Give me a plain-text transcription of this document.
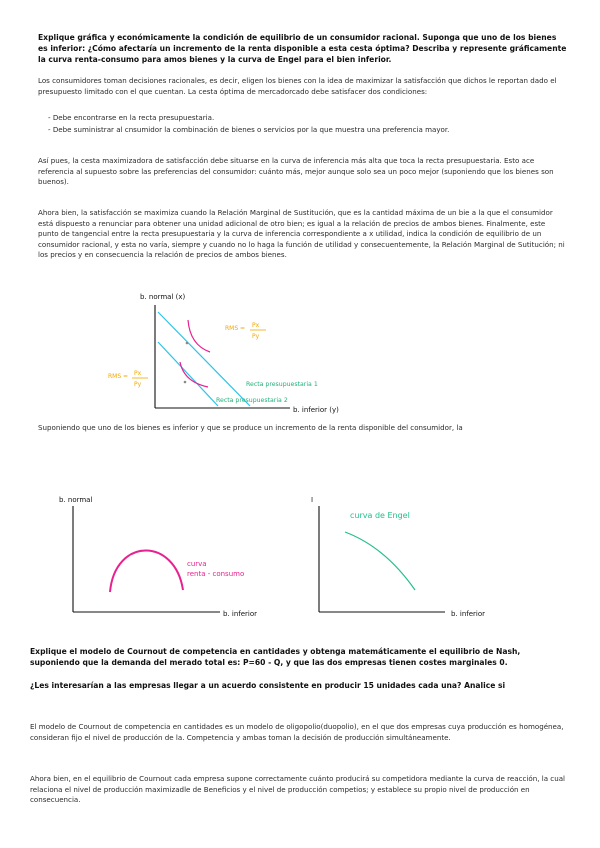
Explique gráfica y económicamente la condición de equilibrio de un consumidor racional. Suponga que uno de los bienes es inferior: ¿Cómo afectaría un incremento de la renta disponible a esta cesta óptima? Describa y represente gráficamente la curva renta-consumo para amos bienes y la curva de Engel para el bien inferior.
Los consumidores toman decisiones racionales, es decir, eligen los bienes con la idea de maximizar la satisfacción que dichos le reportan dado el presupuesto limitado con el que cuentan. La cesta óptima de mercadorcado debe satisfacer dos condiciones:
- Debe encontrarse en la recta presupuestaria.
- Debe suministrar al cnsumidor la combinación de bienes o servicios por la que muestra una preferencia mayor.
Así pues, la cesta maximizadora de satisfacción debe situarse en la curva de inferencia más alta que toca la recta presupuestaria. Esto ace referencia al supuesto sobre las preferencias del consumidor: cuánto más, mejor aunque solo sea un poco mejor (suponiendo que los bienes son buenos).
Ahora bien, la satisfacción se maximiza cuando la Relación Marginal de Sustitución, que es la cantidad máxima de un bie a la que el consumidor está dispuesto a renunciar para obtener una unidad adicional de otro bien; es igual a la relación de precios de ambos bienes. Finalmente, este punto de tangencial entre la recta presupuestaria y la curva de inferencia correspondiente a x utilidad, indica la condición de equilibrio de un consumidor racional, y esta no varía, siempre y cuando no lo haga la función de utilidad y consecuentemente, la Relación Marginal de Sutitución; ni los precios y en consecuencia la relación de precios de ambos bienes.
b. normal (x)
b. inferior (y)
RMS = Px
Py
RMS = Px
Py	Recta presupuestaria 1
Recta presupuestaria 2
Suponiendo que uno de los bienes es inferior y que se produce un incremento de la renta disponible del consumidor, la
b. normal
b. inferior
curva
renta - consumo
I
b. inferior
curva de Engel
Explique el modelo de Cournout de competencia en cantidades y obtenga matemáticamente el equilibrio de Nash, suponiendo que la demanda del merado total es: P=60 - Q, y que las dos empresas tienen costes marginales 0.
¿Les interesarían a las empresas llegar a un acuerdo consistente en producir 15 unidades cada una? Analice si
El modelo de Cournout de competencia en cantidades es un modelo de oligopolio(duopolio), en el que dos empresas cuya producción es homogénea, consideran fijo el nivel de producción de la. Competencia y ambas toman la decisión de producción simultáneamente.
Ahora bien, en el equilibrio de Cournout cada empresa supone correctamente cuánto producirá su competidora mediante la curva de reacción, la cual relaciona el nivel de producción maximizadle de Beneficios y el nivel de producción competios; y establece su propio nivel de producción en consecuencia.
